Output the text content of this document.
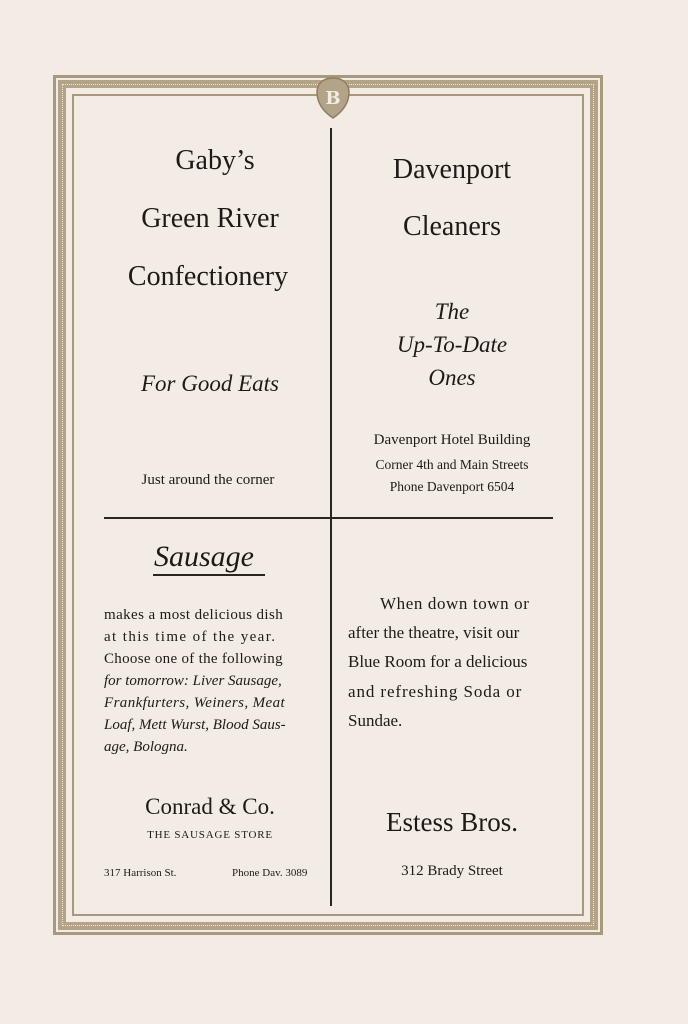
B
Gaby’s
Green River
Confectionery
For Good Eats
Just around the corner
Davenport
Cleaners
The
Up-To-Date
Ones
Davenport Hotel Building
Corner 4th and Main Streets
Phone Davenport 6504
Sausage
makes a most delicious dish
at this time of the year.
Choose one of the following
for tomorrow: Liver Sausage,
Frankfurters, Weiners, Meat
Loaf, Mett Wurst, Blood Saus-
age, Bologna.
Conrad & Co.
THE SAUSAGE STORE
317 Harrison St.	Phone Dav. 3089
When down town or
after the theatre, visit our
Blue Room for a delicious
and refreshing Soda or
Sundae.
Estess Bros.
312 Brady Street
